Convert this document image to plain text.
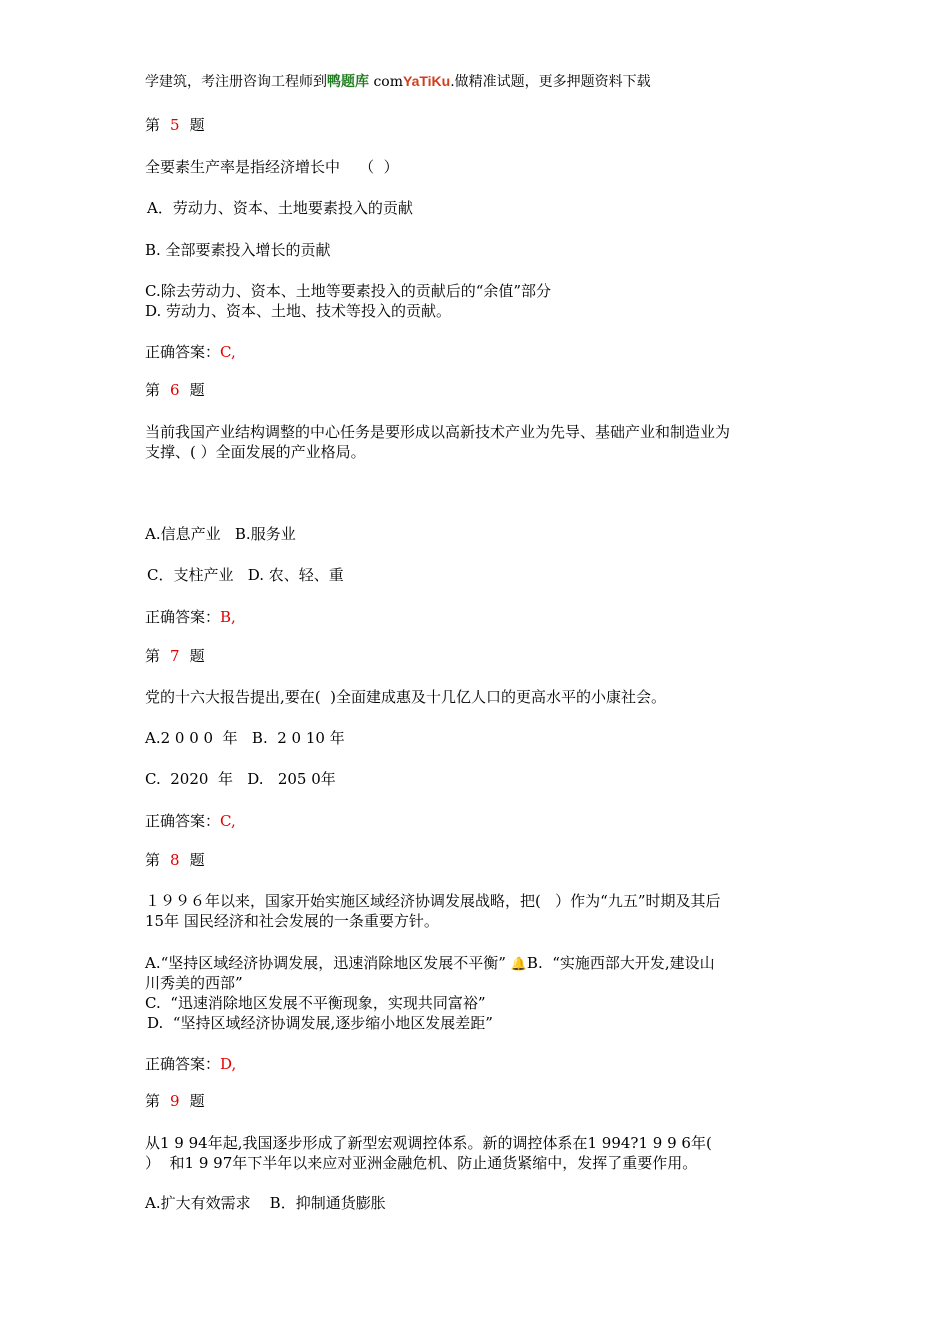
学建筑，考注册咨询工程师到鸭题库 comYaTiKu.做精准试题，更多押题资料下载
第 5 题
全要素生产率是指经济增长中    （  ）
A．劳动力、资本、土地要素投入的贡献
B. 全部要素投入增长的贡献
C.除去劳动力、资本、土地等要素投入的贡献后的“余值”部分
D. 劳动力、资本、土地、技术等投入的贡献。
正确答案：C,
第 6 题
当前我国产业结构调整的中心任务是要形成以高新技术产业为先导、基础产业和制造业为
支撑、( ）全面发展的产业格局。
A.信息产业   B.服务业
C．支柱产业   D. 农、轻、重
正确答案：B,
第 7 题
党的十六大报告提出,要在(  )全面建成惠及十几亿人口的更高水平的小康社会。
A.2 0 0 0  年   B.  2 0 10 年
C.  2020  年   D.   205 0年
正确答案：C,
第 8 题
１９９６年以来，国家开始实施区域经济协调发展战略，把(   ）作为“九五”时期及其后
15年 国民经济和社会发展的一条重要方针。
A.“坚持区域经济协调发展，迅速消除地区发展不平衡” 🔔B.  “实施西部大开发,建设山
川秀美的西部”
C.  “迅速消除地区发展不平衡现象，实现共同富裕”
D.  “坚持区域经济协调发展,逐步缩小地区发展差距”
正确答案：D,
第 9 题
从1 9 94年起,我国逐步形成了新型宏观调控体系。新的调控体系在1 994?1 9 9 6年(
）  和1 9 97年下半年以来应对亚洲金融危机、防止通货紧缩中，发挥了重要作用。
A.扩大有效需求    B．抑制通货膨胀
